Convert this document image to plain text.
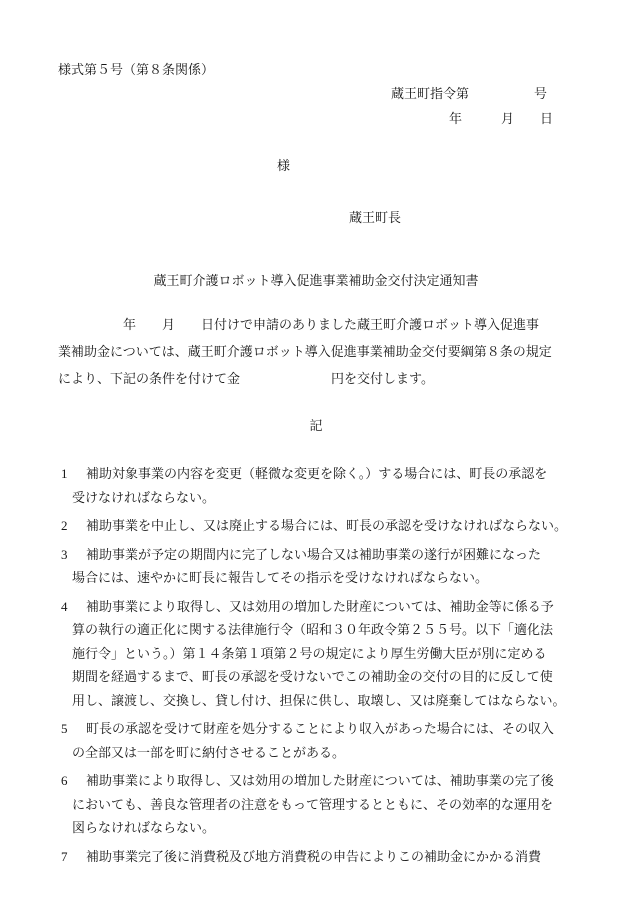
様式第５号（第８条関係）
蔵王町指令第　　　　　号
年　　　月　　日
様
蔵王町長
蔵王町介護ロボット導入促進事業補助金交付決定通知書
　　　　　年　　月　　日付けで申請のありました蔵王町介護ロボット導入促進事
業補助金については、蔵王町介護ロボット導入促進事業補助金交付要綱第８条の規定
により、下記の条件を付けて金　　　　　　　円を交付します。
記
1	補助対象事業の内容を変更（軽微な変更を除く。）する場合には、町長の承認を
受けなければならない。
2	補助事業を中止し、又は廃止する場合には、町長の承認を受けなければならない。
3	補助事業が予定の期間内に完了しない場合又は補助事業の遂行が困難になった
場合には、速やかに町長に報告してその指示を受けなければならない。
4	補助事業により取得し、又は効用の増加した財産については、補助金等に係る予
算の執行の適正化に関する法律施行令（昭和３０年政令第２５５号。以下「適化法
施行令」という。）第１４条第１項第２号の規定により厚生労働大臣が別に定める
期間を経過するまで、町長の承認を受けないでこの補助金の交付の目的に反して使
用し、譲渡し、交換し、貸し付け、担保に供し、取壊し、又は廃棄してはならない。
5	町長の承認を受けて財産を処分することにより収入があった場合には、その収入
の全部又は一部を町に納付させることがある。
6	補助事業により取得し、又は効用の増加した財産については、補助事業の完了後
においても、善良な管理者の注意をもって管理するとともに、その効率的な運用を
図らなければならない。
7	補助事業完了後に消費税及び地方消費税の申告によりこの補助金にかかる消費
